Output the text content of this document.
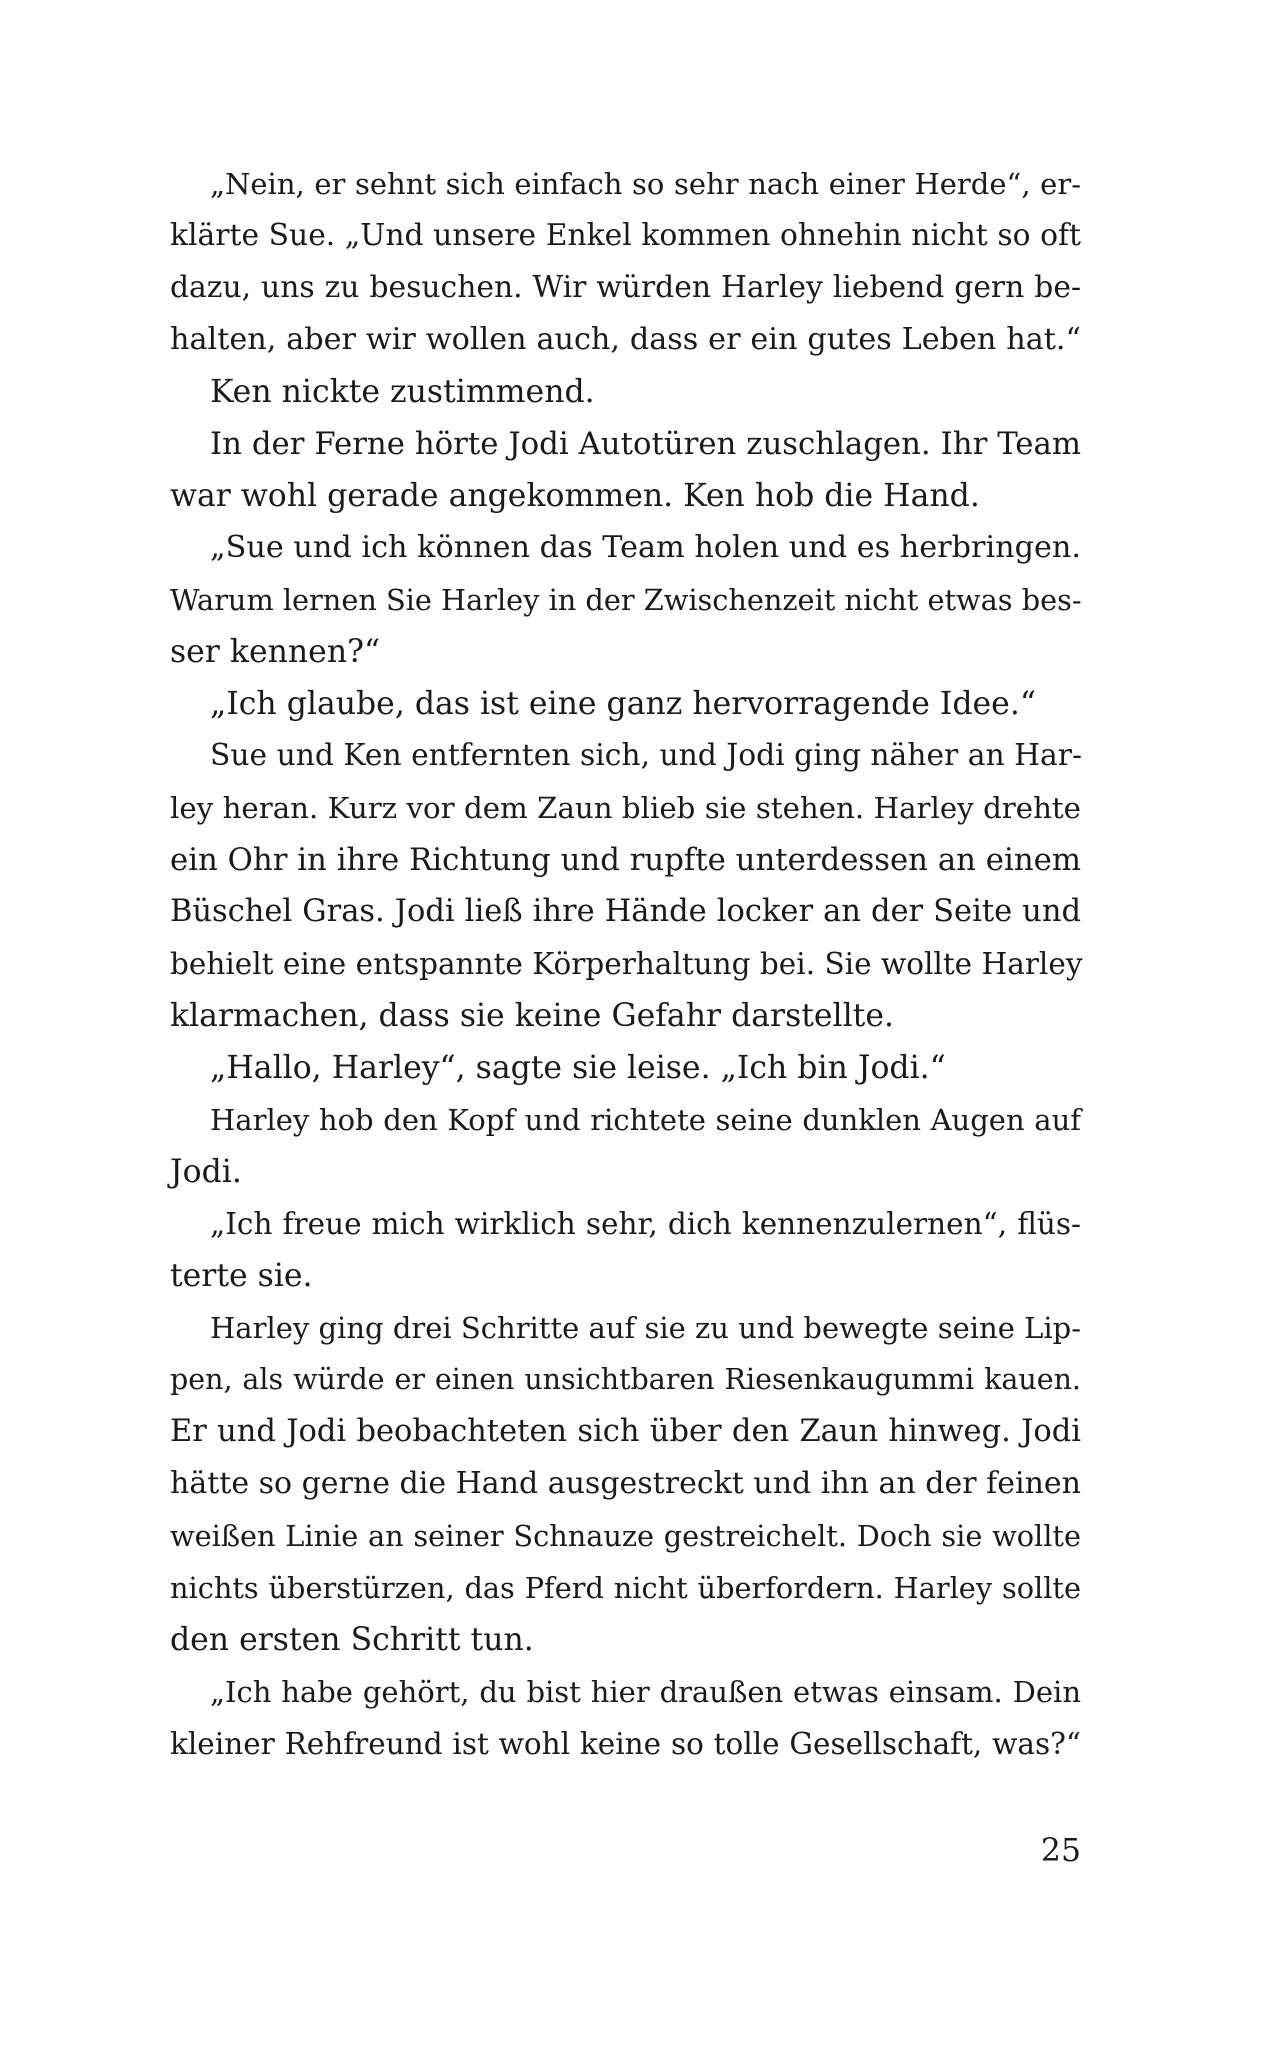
„Nein, er sehnt sich einfach so sehr nach einer Herde“, er-
klärte Sue. „Und unsere Enkel kommen ohnehin nicht so oft
dazu, uns zu besuchen. Wir würden Harley liebend gern be-
halten, aber wir wollen auch, dass er ein gutes Leben hat.“
Ken nickte zustimmend.
In der Ferne hörte Jodi Autotüren zuschlagen. Ihr Team
war wohl gerade angekommen. Ken hob die Hand.
„Sue und ich können das Team holen und es herbringen.
Warum lernen Sie Harley in der Zwischenzeit nicht etwas bes-
ser kennen?“
„Ich glaube, das ist eine ganz hervorragende Idee.“
Sue und Ken entfernten sich, und Jodi ging näher an Har-
ley heran. Kurz vor dem Zaun blieb sie stehen. Harley drehte
ein Ohr in ihre Richtung und rupfte unterdessen an einem
Büschel Gras. Jodi ließ ihre Hände locker an der Seite und
behielt eine entspannte Körperhaltung bei. Sie wollte Harley
klarmachen, dass sie keine Gefahr darstellte.
„Hallo, Harley“, sagte sie leise. „Ich bin Jodi.“
Harley hob den Kopf und richtete seine dunklen Augen auf
Jodi.
„Ich freue mich wirklich sehr, dich kennenzulernen“, flüs-
terte sie.
Harley ging drei Schritte auf sie zu und bewegte seine Lip-
pen, als würde er einen unsichtbaren Riesenkaugummi kauen.
Er und Jodi beobachteten sich über den Zaun hinweg. Jodi
hätte so gerne die Hand ausgestreckt und ihn an der feinen
weißen Linie an seiner Schnauze gestreichelt. Doch sie wollte
nichts überstürzen, das Pferd nicht überfordern. Harley sollte
den ersten Schritt tun.
„Ich habe gehört, du bist hier draußen etwas einsam. Dein
kleiner Rehfreund ist wohl keine so tolle Gesellschaft, was?“
25
